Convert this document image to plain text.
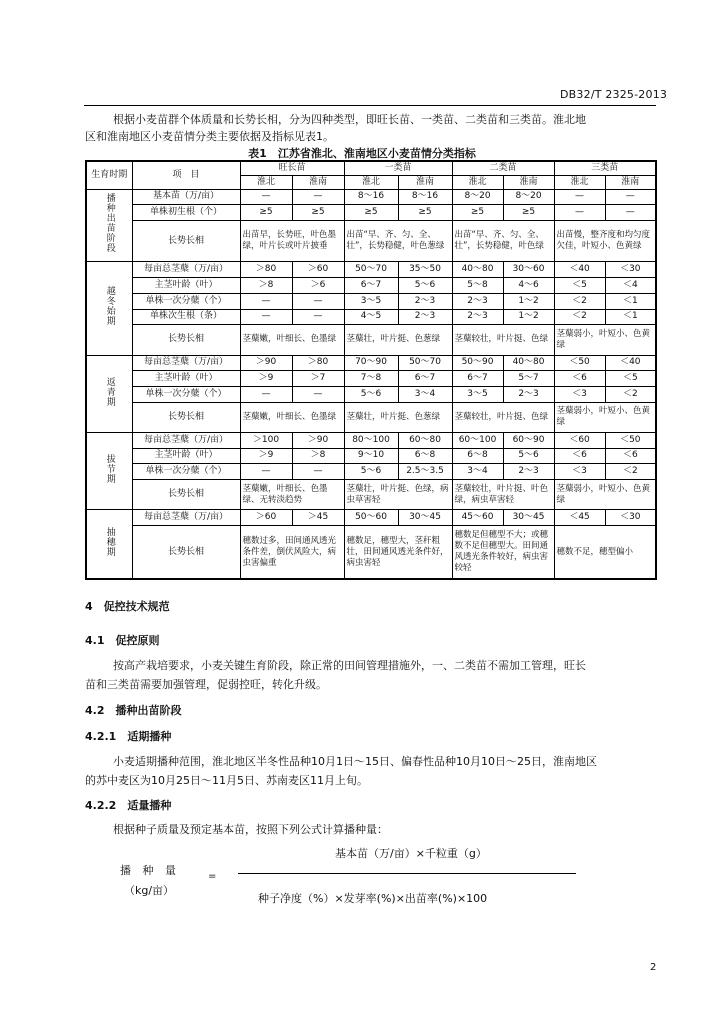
DB32/T 2325-2013
根据小麦苗群个体质量和长势长相，分为四种类型，即旺长苗、一类苗、二类苗和三类苗。淮北地
区和淮南地区小麦苗情分类主要依据及指标见表1。
表1　江苏省淮北、淮南地区小麦苗情分类指标
生育时期	项　目	旺长苗		一类苗		二类苗		三类苗	
		淮北	淮南	淮北	淮南	淮北	淮南	淮北	淮南
播种出苗阶段	基本苗（万/亩）	—	—	8～16	8～16	8～20	8～20	—	—
	单株初生根（个）	≥5	≥5	≥5	≥5	≥5	≥5	—	—
	长势长相	出苗早，长势旺，叶色墨绿，叶片长或叶片披垂		出苗“早、齐、匀、全、壮”，长势稳健，叶色葱绿		出苗“早、齐、匀、全、壮”，长势稳健，叶色绿		出苗慢，整齐度和均匀度欠佳，叶短小、色黄绿	
越冬始期	每亩总茎蘖（万/亩）	＞80	＞60	50～70	35～50	40～80	30～60	＜40	＜30
	主茎叶龄（叶）	＞8	＞6	6～7	5～6	5～8	4～6	＜5	＜4
	单株一次分蘖（个）	—	—	3～5	2～3	2～3	1～2	＜2	＜1
	单株次生根（条）	—	—	4～5	2～3	2～3	1～2	＜2	＜1
	长势长相	茎蘖嫩，叶细长、色墨绿		茎蘖壮，叶片挺、色葱绿		茎蘖较壮，叶片挺、色绿		茎蘖弱小，叶短小、色黄绿	
返青期	每亩总茎蘖（万/亩）	＞90	＞80	70～90	50～70	50～90	40～80	＜50	＜40
	主茎叶龄（叶）	＞9	＞7	7～8	6～7	6～7	5～7	＜6	＜5
	单株一次分蘖（个）	—	—	5～6	3～4	3～5	2～3	＜3	＜2
	长势长相	茎蘖嫩，叶细长、色墨绿		茎蘖壮，叶片挺、色葱绿		茎蘖较壮，叶片挺、色绿		茎蘖弱小，叶短小、色黄绿	
拔节期	每亩总茎蘖（万/亩）	＞100	＞90	80～100	60～80	60～100	60～90	＜60	＜50
	主茎叶龄（叶）	＞9	＞8	9～10	6～8	6～8	5～6	＜6	＜6
	单株一次分蘖（个）	—	—	5～6	2.5～3.5	3～4	2～3	＜3	＜2
	长势长相	茎蘖嫩，叶细长、色墨绿、无转淡趋势		茎蘖壮，叶片挺、色绿，病虫草害轻		茎蘖较壮，叶片挺、叶色绿，病虫草害轻		茎蘖弱小，叶短小、色黄绿	
抽穗期	每亩总茎蘖（万/亩）	＞60	＞45	50～60	30～45	45～60	30～45	＜45	＜30
	长势长相	穗数过多，田间通风透光条件差，倒伏风险大，病虫害偏重		穗数足，穗型大，茎秆粗壮，田间通风透光条件好，病虫害轻		穗数足但穗型不大；或穗数不足但穗型大。田间通风透光条件较好，病虫害较轻		穗数不足，穗型偏小	
4　促控技术规范
4.1　促控原则
按高产栽培要求，小麦关键生育阶段，除正常的田间管理措施外，一、二类苗不需加工管理，旺长
苗和三类苗需要加强管理，促弱控旺，转化升级。
4.2　播种出苗阶段
4.2.1　适期播种
小麦适期播种范围，淮北地区半冬性品种10月1日～15日、偏春性品种10月10日～25日，淮南地区
的苏中麦区为10月25日～11月5日、苏南麦区11月上旬。
4.2.2　适量播种
根据种子质量及预定基本苗，按照下列公式计算播种量：
基本苗（万/亩）×千粒重（g）
播 种 量
（kg/亩）
=
种子净度（%）×发芽率(%)×出苗率(%)×100
2
